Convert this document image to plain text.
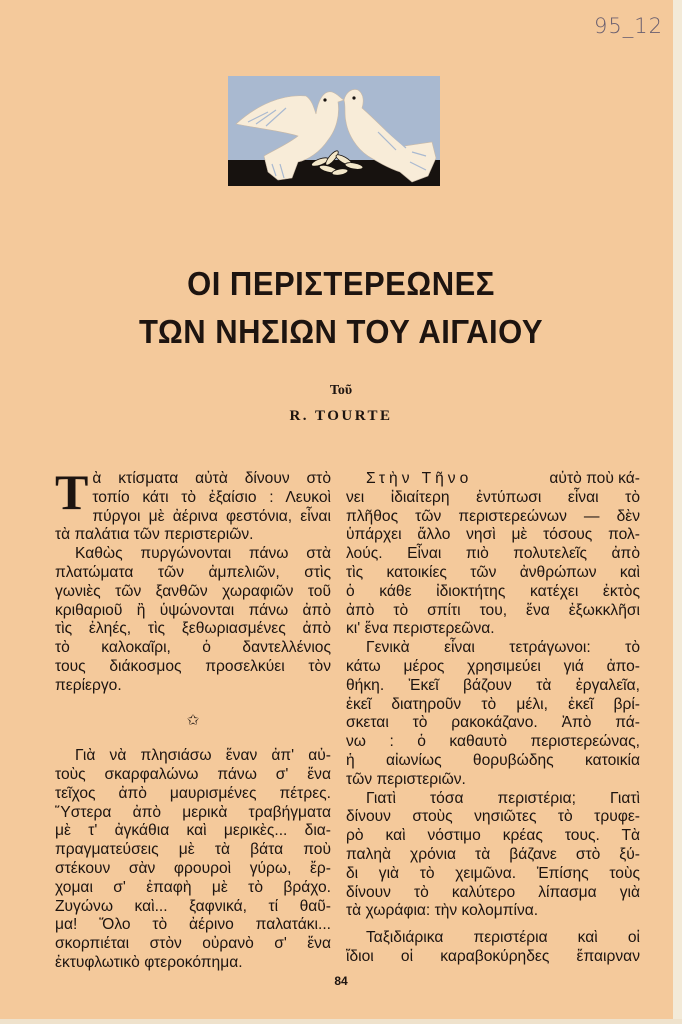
95_12
ΟΙ ΠΕΡΙΣΤΕΡΕΩΝΕΣ
ΤΩΝ ΝΗΣΙΩΝ ΤΟΥ ΑΙΓΑΙΟΥ
Τοῦ
R. TOURTE
Τ ὰ κτίσματα αὐτὰ δίνουν στὸ
τοπίο κάτι τὸ ἐξαίσιο : Λευκοὶ
πύργοι μὲ ἀέρινα φεστόνια, εἶναι
τὰ παλάτια τῶν περιστεριῶν.
Καθὼς πυργώνονται πάνω στὰ
πλατώματα τῶν ἀμπελιῶν, στὶς
γωνιὲς τῶν ξανθῶν χωραφιῶν τοῦ
κριθαριοῦ ἢ ὑψώνονται πάνω ἀπὸ
τὶς ἐληές, τὶς ξεθωριασμένες ἀπὸ
τὸ καλοκαῖρι, ὁ δαντελλένιος
τους διάκοσμος προσελκύει τὸν
περίεργο.
✩
Γιὰ νὰ πλησιάσω ἕναν ἀπ' αὐ-
τοὺς σκαρφαλώνω πάνω σ' ἕνα
τεῖχος ἀπὸ μαυρισμένες πέτρες.
Ὕστερα ἀπὸ μερικὰ τραβήγματα
μὲ τ' ἀγκάθια καὶ μερικὲς... δια-
πραγματεύσεις μὲ τὰ βάτα ποὺ
στέκουν σὰν φρουροὶ γύρω, ἔρ-
χομαι σ' ἐπαφὴ μὲ τὸ βράχο.
Ζυγώνω καὶ... ξαφνικά, τί θαῦ-
μα! Ὅλο τὸ ἀέρινο παλατάκι...
σκορπιέται στὸν οὐρανὸ σ' ἕνα
ἐκτυφλωτικὸ φτεροκόπημα.
Στὴν Τῆνο	αὐτὸ ποὺ κά-
νει ἰδιαίτερη ἐντύπωσι εἶναι τὸ
πλῆθος τῶν περιστερεώνων — δὲν
ὑπάρχει ἄλλο νησὶ μὲ τόσους πολ-
λούς. Εἶναι πιὸ πολυτελεῖς ἀπὸ
τὶς κατοικίες τῶν ἀνθρώπων καὶ
ὁ κάθε ἰδιοκτήτης κατέχει ἐκτὸς
ἀπὸ τὸ σπίτι του, ἕνα ἐξωκκλῆσι
κι' ἕνα περιστερεῶνα.
Γενικὰ εἶναι τετράγωνοι: τὸ
κάτω μέρος χρησιμεύει γιά ἀπο-
θήκη. Ἐκεῖ βάζουν τὰ ἐργαλεῖα,
ἐκεῖ διατηροῦν τὸ μέλι, ἐκεῖ βρί-
σκεται τὸ ρακοκάζανο. Ἀπὸ πά-
νω : ὁ καθαυτὸ περιστερεώνας,
ἡ αἰωνίως θορυβώδης κατοικία
τῶν περιστεριῶν.
Γιατὶ τόσα περιστέρια; Γιατὶ
δίνουν στοὺς νησιῶτες τὸ τρυφε-
ρὸ καὶ νόστιμο κρέας τους. Τὰ
παληὰ χρόνια τὰ βάζανε στὸ ξύ-
δι γιὰ τὸ χειμῶνα. Ἐπίσης τοὺς
δίνουν τὸ καλύτερο λίπασμα γιὰ
τὰ χωράφια: τὴν κολομπίνα.
Ταξιδιάρικα περιστέρια καὶ οἱ
ἴδιοι οἱ καραβοκύρηδες ἔπαιρναν
84
